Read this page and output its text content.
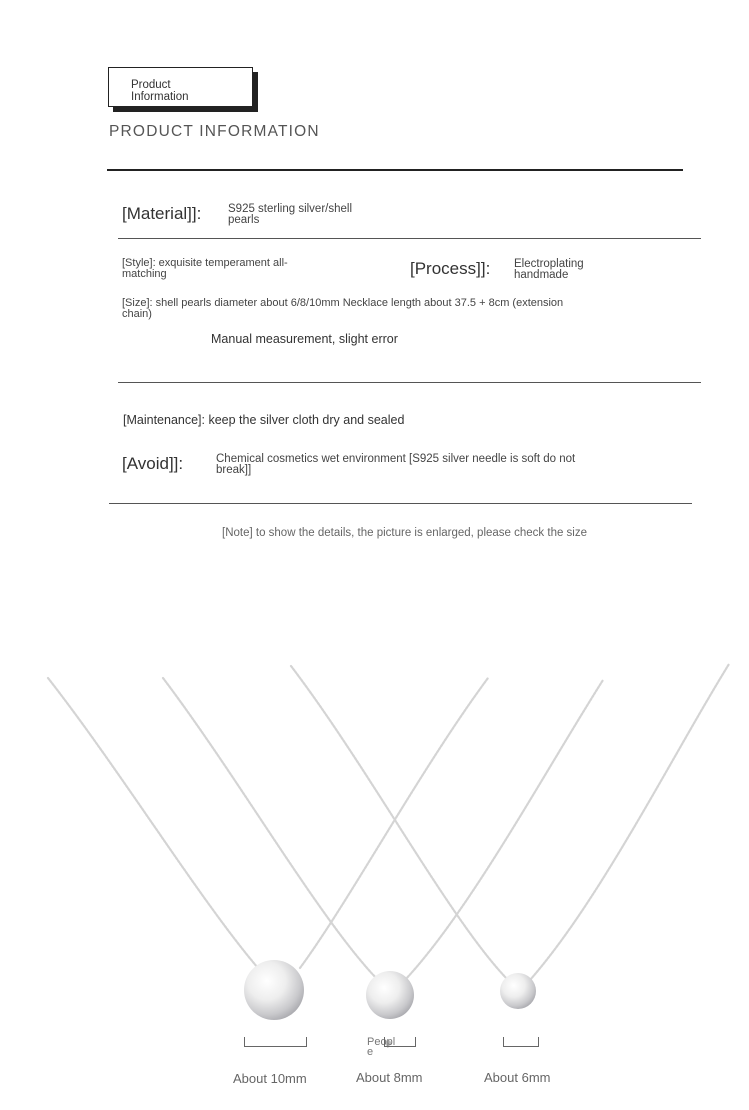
Product
Information
PRODUCT INFORMATION
[Material]]: S925 sterling silver/shell
pearls
[Style]: exquisite temperament all-
matching	[Process]]: Electroplating
handmade
[Size]: shell pearls diameter about 6/8/10mm Necklace length about 37.5 + 8cm (extension
chain)
Manual measurement, slight error
[Maintenance]: keep the silver cloth dry and sealed
[Avoid]]:	Chemical cosmetics wet environment [S925 silver needle is soft do not
break]]
[Note] to show the details, the picture is enlarged, please check the size
Peopl
e
About 10mm	About 8mm	About 6mm
